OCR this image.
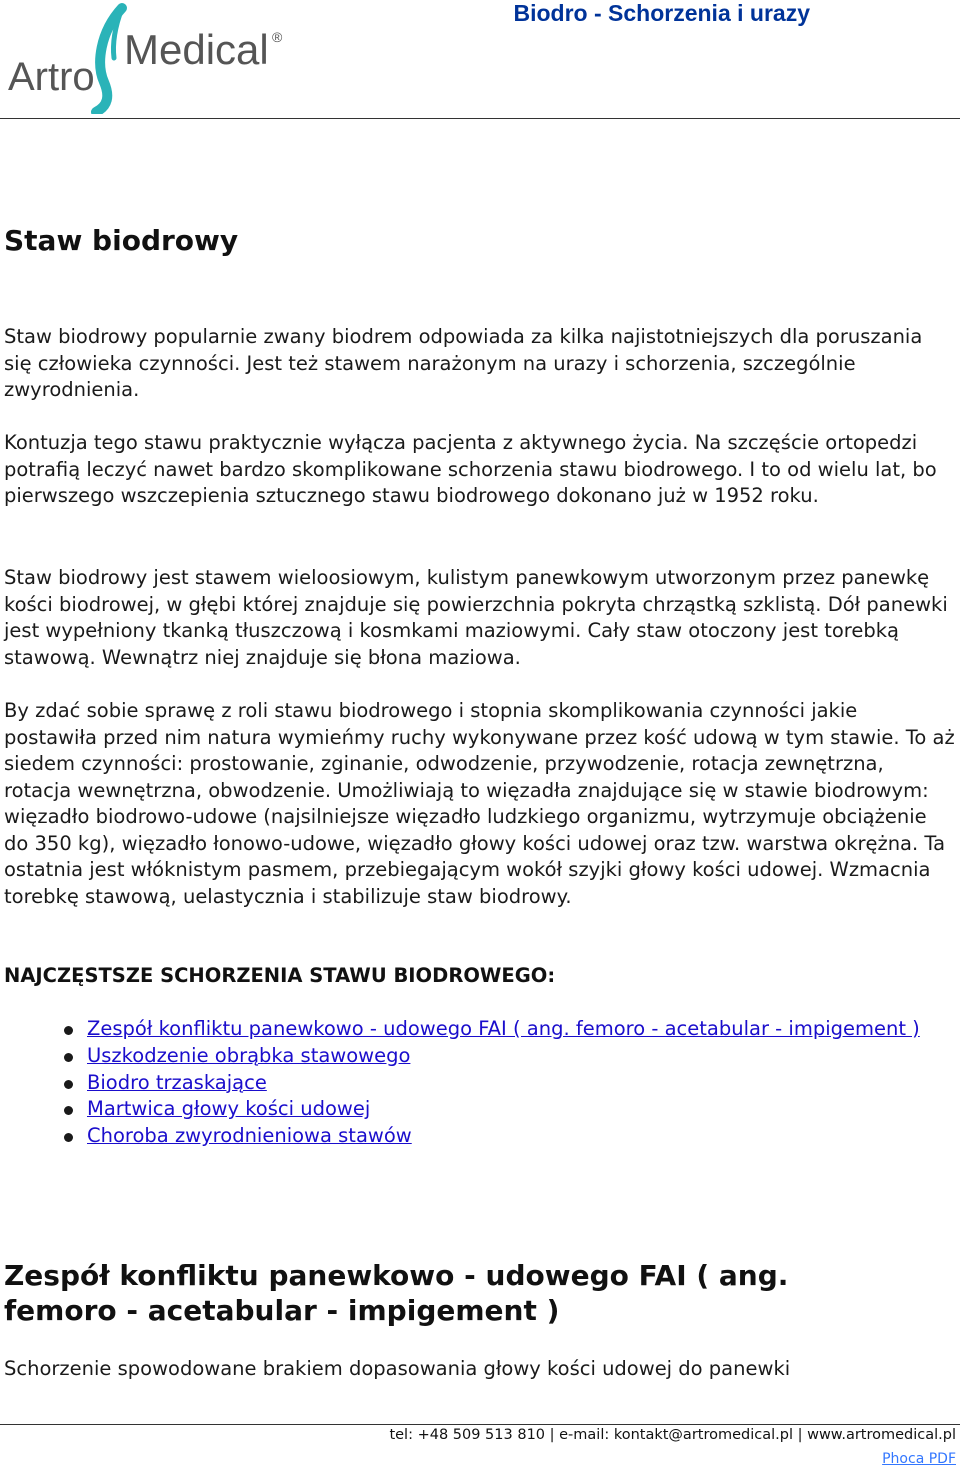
Medical ®
Artro
Biodro - Schorzenia i urazy
Staw biodrowy

Staw biodrowy popularnie zwany biodrem odpowiada za kilka najistotniejszych dla poruszania się człowieka czynności. Jest też stawem narażonym na urazy i schorzenia, szczególnie zwyrodnienia.

Kontuzja tego stawu praktycznie wyłącza pacjenta z aktywnego życia. Na szczęście ortopedzi potrafią leczyć nawet bardzo skomplikowane schorzenia stawu biodrowego. I to od wielu lat, bo pierwszego wszczepienia sztucznego stawu biodrowego dokonano już w 1952 roku.

Staw biodrowy jest stawem wieloosiowym, kulistym panewkowym utworzonym przez panewkę kości biodrowej, w głębi której znajduje się powierzchnia pokryta chrząstką szklistą. Dół panewki jest wypełniony tkanką tłuszczową i kosmkami maziowymi. Cały staw otoczony jest torebką stawową. Wewnątrz niej znajduje się błona maziowa.

By zdać sobie sprawę z roli stawu biodrowego i stopnia skomplikowania czynności jakie postawiła przed nim natura wymieńmy ruchy wykonywane przez kość udową w tym stawie. To aż siedem czynności: prostowanie, zginanie, odwodzenie, przywodzenie, rotacja zewnętrzna, rotacja wewnętrzna, obwodzenie. Umożliwiają to więzadła znajdujące się w stawie biodrowym: więzadło biodrowo-udowe (najsilniejsze więzadło ludzkiego organizmu, wytrzymuje obciążenie do 350 kg), więzadło łonowo-udowe, więzadło głowy kości udowej oraz tzw. warstwa okrężna. Ta ostatnia jest włóknistym pasmem, przebiegającym wokół szyjki głowy kości udowej. Wzmacnia torebkę stawową, uelastycznia i stabilizuje staw biodrowy.

NAJCZĘSTSZE SCHORZENIA STAWU BIODROWEGO:
Zespół konfliktu panewkowo - udowego FAI ( ang. femoro - acetabular - impigement )
Uszkodzenie obrąbka stawowego
Biodro trzaskające
Martwica głowy kości udowej
Choroba zwyrodnieniowa stawów
Zespół konfliktu panewkowo - udowego FAI ( ang. femoro - acetabular - impigement )

Schorzenie spowodowane brakiem dopasowania głowy kości udowej do panewki

tel: +48 509 513 810 | e-mail: kontakt@artromedical.pl | www.artromedical.pl
Phoca PDF
